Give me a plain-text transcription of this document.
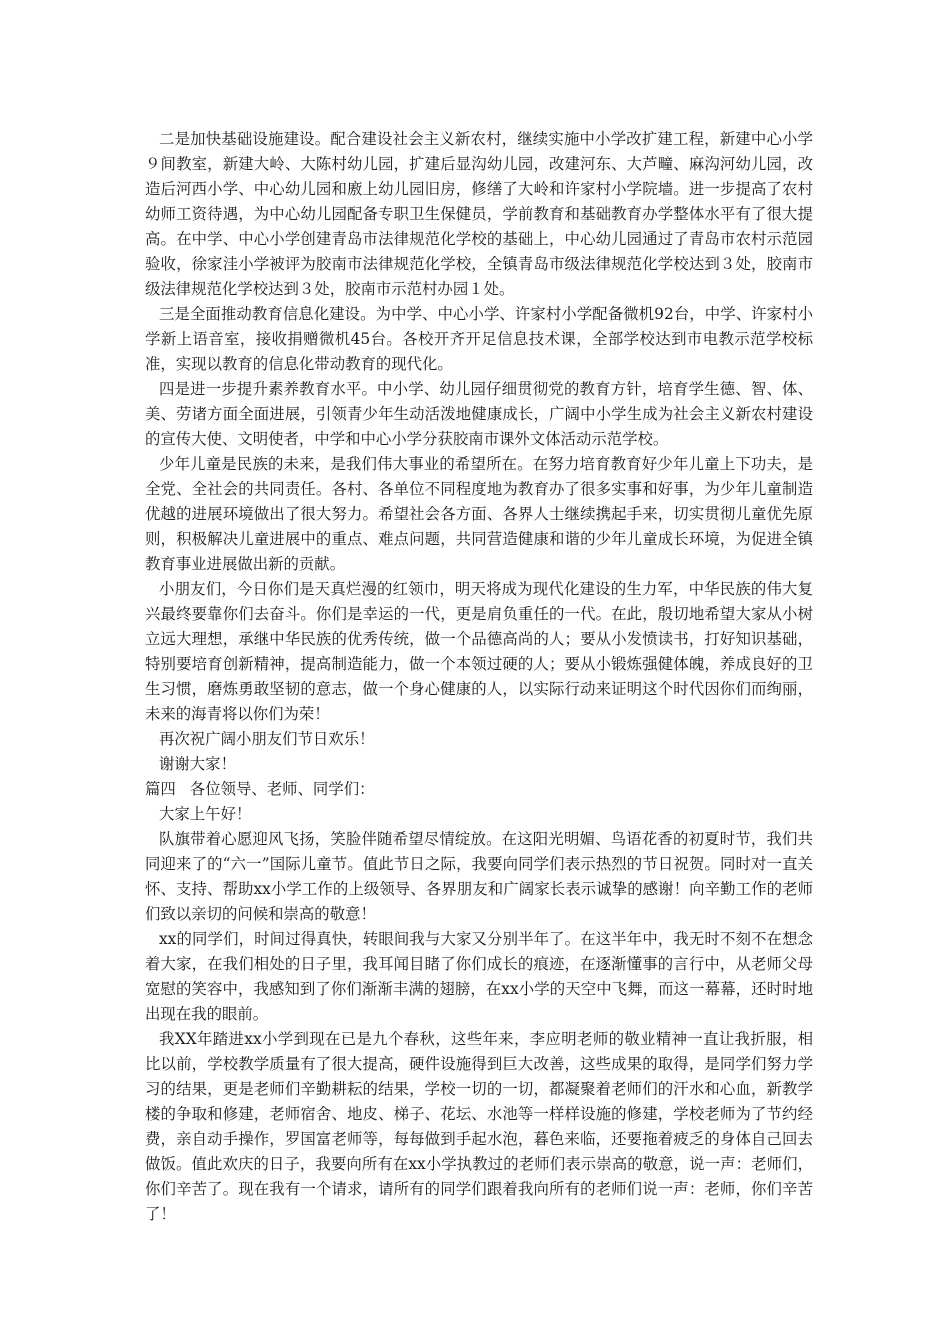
二是加快基础设施建设。配合建设社会主义新农村，继续实施中小学改扩建工程，新建中心小学９间教室，新建大岭、大陈村幼儿园，扩建后显沟幼儿园，改建河东、大芦疃、麻沟河幼儿园，改造后河西小学、中心幼儿园和廒上幼儿园旧房，修缮了大岭和许家村小学院墙。进一步提高了农村幼师工资待遇，为中心幼儿园配备专职卫生保健员，学前教育和基础教育办学整体水平有了很大提高。在中学、中心小学创建青岛市法律规范化学校的基础上，中心幼儿园通过了青岛市农村示范园验收，徐家洼小学被评为胶南市法律规范化学校，全镇青岛市级法律规范化学校达到３处，胶南市级法律规范化学校达到３处，胶南市示范村办园１处。

三是全面推动教育信息化建设。为中学、中心小学、许家村小学配备微机92台，中学、许家村小学新上语音室，接收捐赠微机45台。各校开齐开足信息技术课，全部学校达到市电教示范学校标准，实现以教育的信息化带动教育的现代化。

四是进一步提升素养教育水平。中小学、幼儿园仔细贯彻党的教育方针，培育学生德、智、体、美、劳诸方面全面进展，引领青少年生动活泼地健康成长，广阔中小学生成为社会主义新农村建设的宣传大使、文明使者，中学和中心小学分获胶南市课外文体活动示范学校。

少年儿童是民族的未来，是我们伟大事业的希望所在。在努力培育教育好少年儿童上下功夫，是全党、全社会的共同责任。各村、各单位不同程度地为教育办了很多实事和好事，为少年儿童制造优越的进展环境做出了很大努力。希望社会各方面、各界人士继续携起手来，切实贯彻儿童优先原则，积极解决儿童进展中的重点、难点问题，共同营造健康和谐的少年儿童成长环境，为促进全镇教育事业进展做出新的贡献。

小朋友们，今日你们是天真烂漫的红领巾，明天将成为现代化建设的生力军，中华民族的伟大复兴最终要靠你们去奋斗。你们是幸运的一代，更是肩负重任的一代。在此，殷切地希望大家从小树立远大理想，承继中华民族的优秀传统，做一个品德高尚的人；要从小发愤读书，打好知识基础，特别要培育创新精神，提高制造能力，做一个本领过硬的人；要从小锻炼强健体魄，养成良好的卫生习惯，磨炼勇敢坚韧的意志，做一个身心健康的人，以实际行动来证明这个时代因你们而绚丽，未来的海青将以你们为荣！

再次祝广阔小朋友们节日欢乐！

谢谢大家！

篇四 各位领导、老师、同学们：

大家上午好！

队旗带着心愿迎风飞扬，笑脸伴随希望尽情绽放。在这阳光明媚、鸟语花香的初夏时节，我们共同迎来了的“六一”国际儿童节。值此节日之际，我要向同学们表示热烈的节日祝贺。同时对一直关怀、支持、帮助xx小学工作的上级领导、各界朋友和广阔家长表示诚挚的感谢！向辛勤工作的老师们致以亲切的问候和崇高的敬意！

xx的同学们，时间过得真快，转眼间我与大家又分别半年了。在这半年中，我无时不刻不在想念着大家，在我们相处的日子里，我耳闻目睹了你们成长的痕迹，在逐渐懂事的言行中，从老师父母宽慰的笑容中，我感知到了你们渐渐丰满的翅膀，在xx小学的天空中飞舞，而这一幕幕，还时时地出现在我的眼前。

我XX年踏进xx小学到现在已是九个春秋，这些年来，李应明老师的敬业精神一直让我折服，相比以前，学校教学质量有了很大提高，硬件设施得到巨大改善，这些成果的取得，是同学们努力学习的结果，更是老师们辛勤耕耘的结果，学校一切的一切，都凝聚着老师们的汗水和心血，新教学楼的争取和修建，老师宿舍、地皮、梯子、花坛、水池等一样样设施的修建，学校老师为了节约经费，亲自动手操作，罗国富老师等，每每做到手起水泡，暮色来临，还要拖着疲乏的身体自己回去做饭。值此欢庆的日子，我要向所有在xx小学执教过的老师们表示崇高的敬意，说一声：老师们，你们辛苦了。现在我有一个请求，请所有的同学们跟着我向所有的老师们说一声：老师，你们辛苦了！
